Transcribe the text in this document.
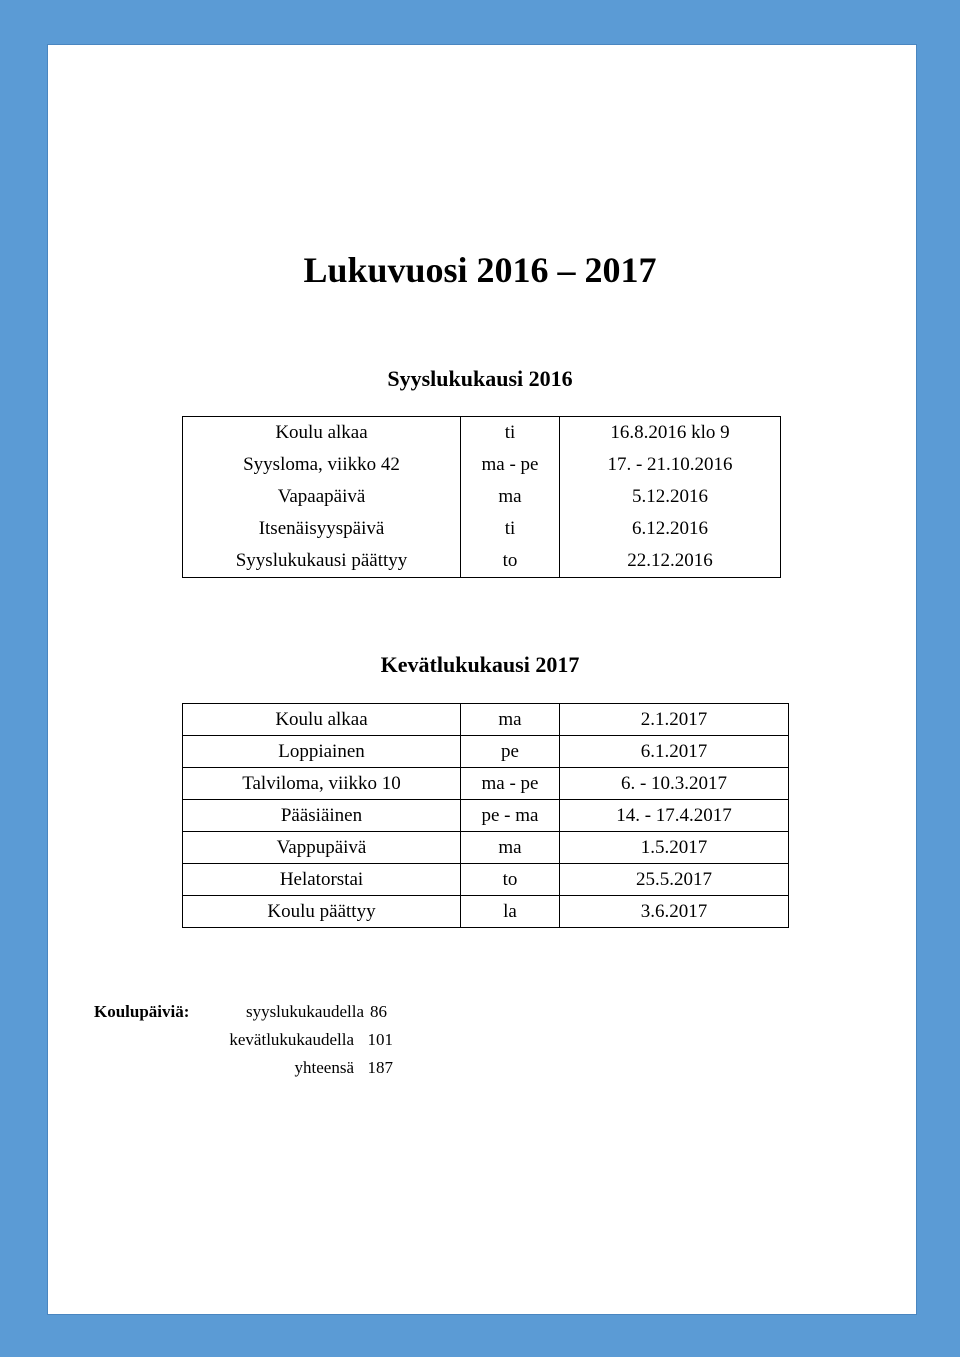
Lukuvuosi 2016 – 2017
Syyslukukausi 2016
Koulu alkaa	ti	16.8.2016 klo 9
Syysloma, viikko 42	ma - pe	17. - 21.10.2016
Vapaapäivä	ma	5.12.2016
Itsenäisyyspäivä	ti	6.12.2016
Syyslukukausi päättyy	to	22.12.2016
Kevätlukukausi 2017
Koulu alkaa	ma	2.1.2017
Loppiainen	pe	6.1.2017
Talviloma, viikko 10	ma - pe	6. - 10.3.2017
Pääsiäinen	pe - ma	14. - 17.4.2017
Vappupäivä	ma	1.5.2017
Helatorstai	to	25.5.2017
Koulu päättyy	la	3.6.2017
Koulupäiviä:	syyslukukaudella 86
kevätlukukaudella 101
yhteensä 187
